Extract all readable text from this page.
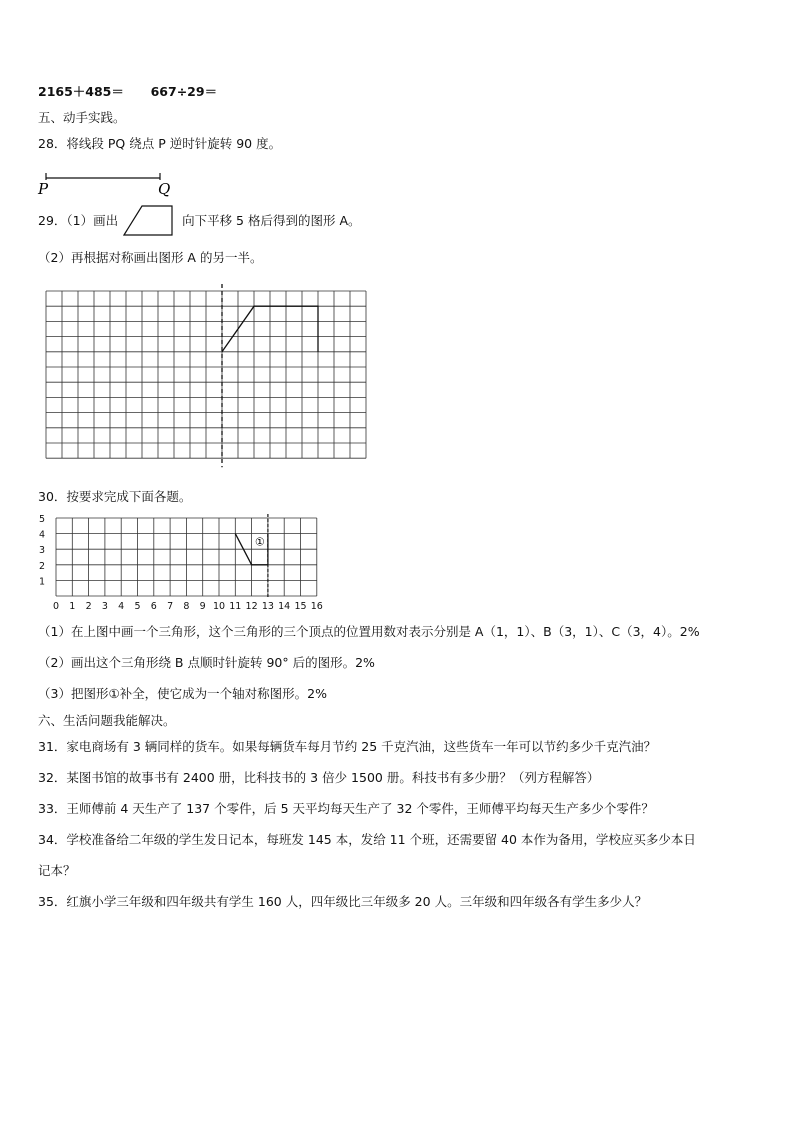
2165＋485＝ 667÷29＝
五、动手实践。
28．将线段 PQ 绕点 P 逆时针旋转 90 度。
P	Q
29．（1）画出	向下平移 5 格后得到的图形 A。
（2）再根据对称画出图形 A 的另一半。
30．按要求完成下面各题。
0 1 2 3 4 5 6 7 8 9 10 11 12 13 14 15 16
1
2
3
4
5
①
（1）在上图中画一个三角形，这个三角形的三个顶点的位置用数对表示分别是 A（1，1）、B（3，1）、C（3，4）。2%
（2）画出这个三角形绕 B 点顺时针旋转 90° 后的图形。2%
（3）把图形①补全，使它成为一个轴对称图形。2%
六、生活问题我能解决。
31．家电商场有 3 辆同样的货车。如果每辆货车每月节约 25 千克汽油，这些货车一年可以节约多少千克汽油？
32．某图书馆的故事书有 2400 册，比科技书的 3 倍少 1500 册。科技书有多少册？（列方程解答）
33．王师傅前 4 天生产了 137 个零件，后 5 天平均每天生产了 32 个零件，王师傅平均每天生产多少个零件？
34．学校准备给二年级的学生发日记本，每班发 145 本，发给 11 个班，还需要留 40 本作为备用，学校应买多少本日
记本？
35．红旗小学三年级和四年级共有学生 160 人，四年级比三年级多 20 人。三年级和四年级各有学生多少人？
